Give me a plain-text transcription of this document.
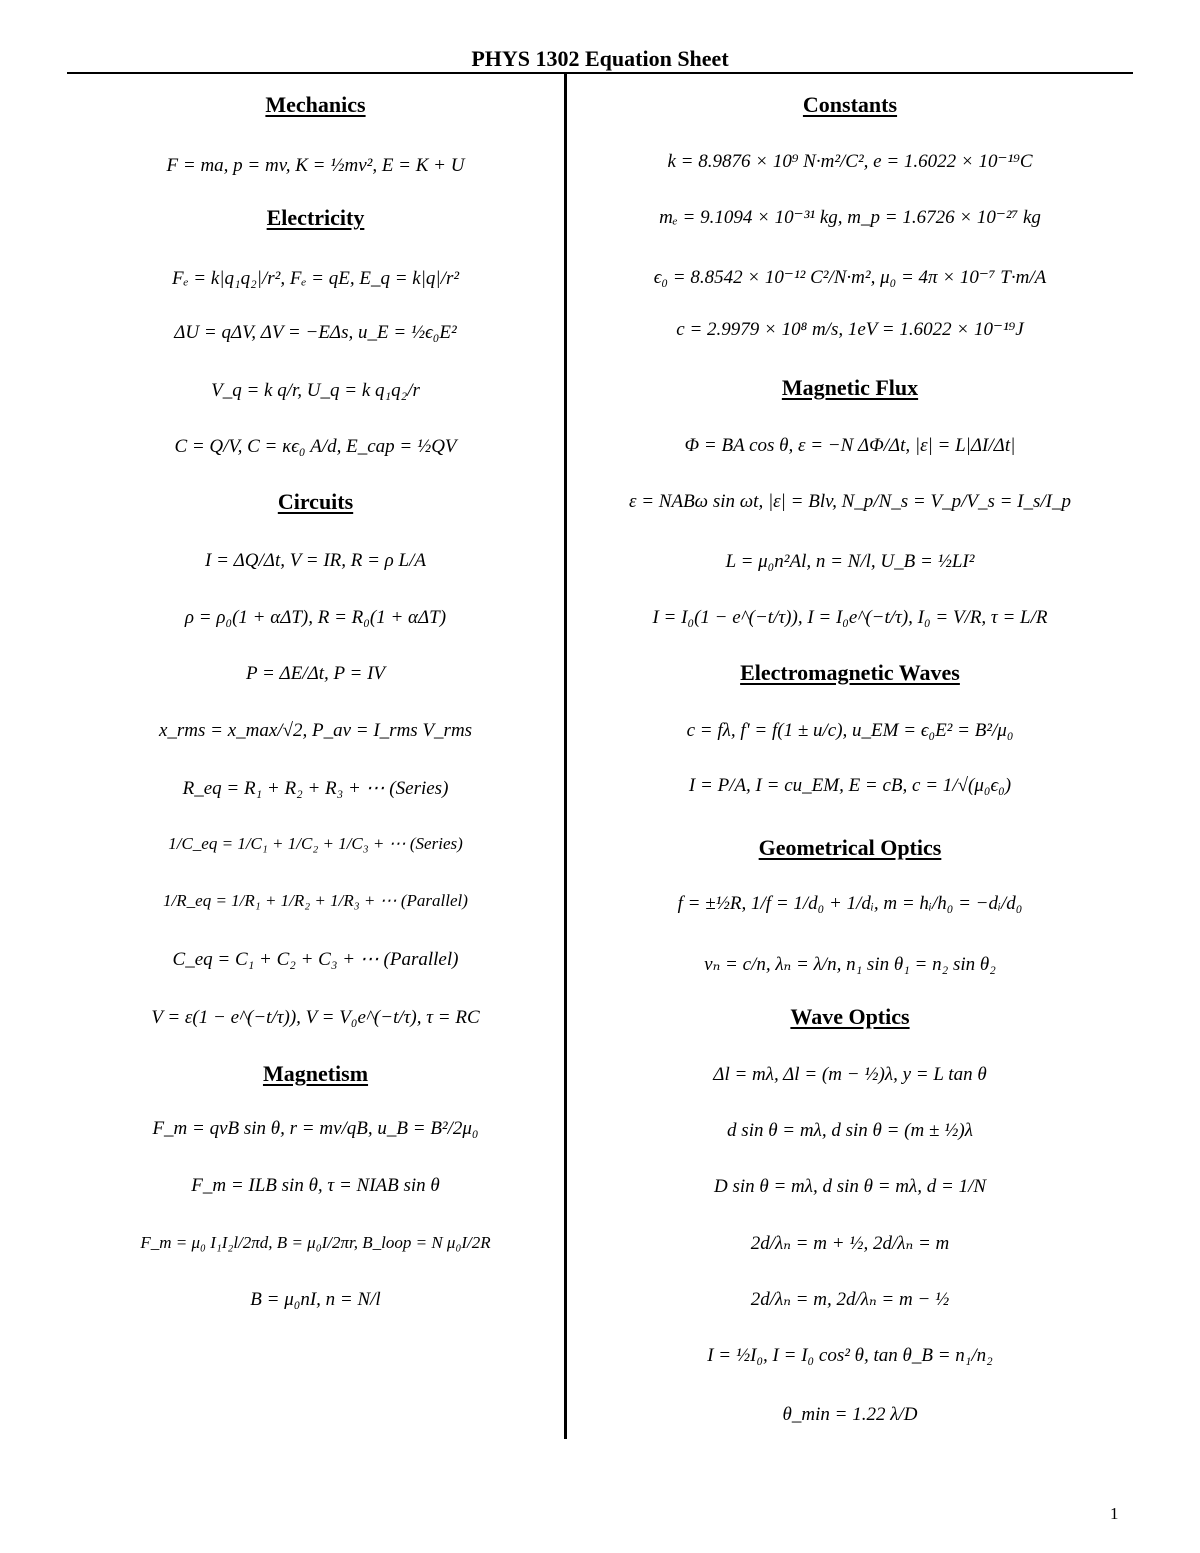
PHYS 1302 Equation Sheet
Mechanics
F = ma, p = mv, K = ½mv², E = K + U
Electricity
Fₑ = k|q₁q₂|/r², Fₑ = qE, E_q = k|q|/r²
ΔU = qΔV, ΔV = −EΔs, u_E = ½ϵ₀E²
V_q = k q/r, U_q = k q₁q₂/r
C = Q/V, C = κϵ₀ A/d, E_cap = ½QV
Circuits
I = ΔQ/Δt, V = IR, R = ρ L/A
ρ = ρ₀(1 + αΔT), R = R₀(1 + αΔT)
P = ΔE/Δt, P = IV
x_rms = x_max/√2, P_av = I_rms V_rms
R_eq = R₁ + R₂ + R₃ + ⋯ (Series)
1/C_eq = 1/C₁ + 1/C₂ + 1/C₃ + ⋯ (Series)
1/R_eq = 1/R₁ + 1/R₂ + 1/R₃ + ⋯ (Parallel)
C_eq = C₁ + C₂ + C₃ + ⋯ (Parallel)
V = ε(1 − e^(−t/τ)), V = V₀e^(−t/τ), τ = RC
Magnetism
F_m = qvB sin θ, r = mv/qB, u_B = B²/2μ₀
F_m = ILB sin θ, τ = NIAB sin θ
F_m = μ₀ I₁I₂l/2πd, B = μ₀I/2πr, B_loop = N μ₀I/2R
B = μ₀nI, n = N/l
Constants
k = 8.9876 × 10⁹ N·m²/C², e = 1.6022 × 10⁻¹⁹C
mₑ = 9.1094 × 10⁻³¹ kg, m_p = 1.6726 × 10⁻²⁷ kg
ϵ₀ = 8.8542 × 10⁻¹² C²/N·m², μ₀ = 4π × 10⁻⁷ T·m/A
c = 2.9979 × 10⁸ m/s, 1eV = 1.6022 × 10⁻¹⁹J
Magnetic Flux
Φ = BA cos θ, ε = −N ΔΦ/Δt, |ε| = L|ΔI/Δt|
ε = NABω sin ωt, |ε| = Blv, N_p/N_s = V_p/V_s = I_s/I_p
L = μ₀n²Al, n = N/l, U_B = ½LI²
I = I₀(1 − e^(−t/τ)), I = I₀e^(−t/τ), I₀ = V/R, τ = L/R
Electromagnetic Waves
c = fλ, f' = f(1 ± u/c), u_EM = ϵ₀E² = B²/μ₀
I = P/A, I = cu_EM, E = cB, c = 1/√(μ₀ϵ₀)
Geometrical Optics
f = ±½R, 1/f = 1/d₀ + 1/dᵢ, m = hᵢ/h₀ = −dᵢ/d₀
vₙ = c/n, λₙ = λ/n, n₁ sin θ₁ = n₂ sin θ₂
Wave Optics
Δl = mλ, Δl = (m − ½)λ, y = L tan θ
d sin θ = mλ, d sin θ = (m ± ½)λ
D sin θ = mλ, d sin θ = mλ, d = 1/N
2d/λₙ = m + ½, 2d/λₙ = m
2d/λₙ = m, 2d/λₙ = m − ½
I = ½I₀, I = I₀ cos² θ, tan θ_B = n₁/n₂
θ_min = 1.22 λ/D
1
